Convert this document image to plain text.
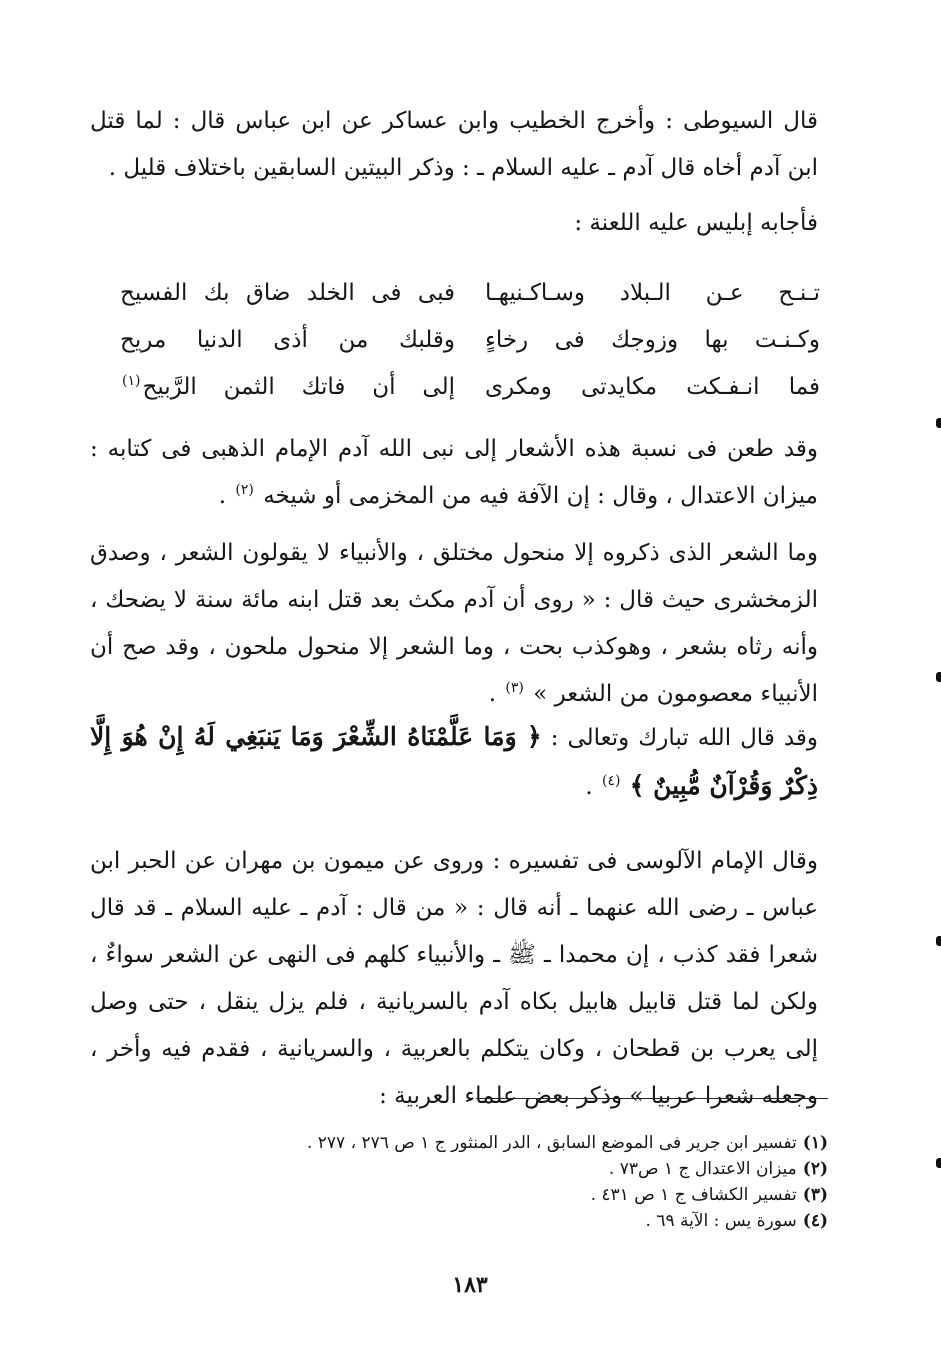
قال السيوطى : وأخرج الخطيب وابن عساكر عن ابن عباس قال : لما قتل ابن آدم أخاه قال آدم ـ عليه السلام ـ : وذكر البيتين السابقين باختلاف قليل .

فأجابه إبليس عليه اللعنة :

تـنـح عـن الـبلاد وسـاكـنيهـا
فبى فى الخلد ضاق بك الفسيح
وكـنـت بها وزوجك فى رخاءٍ
وقلبك من أذى الدنيا مريح
فما انـفـكت مكايدتى ومكرى
إلى أن فاتك الثمن الرَّبيح$^{(١)}$

وقد طعن فى نسبة هذه الأشعار إلى نبى الله آدم الإمام الذهبى فى كتابه : ميزان الاعتدال ، وقال : إن الآفة فيه من المخزمى أو شيخه $^{(٢)}$ .

وما الشعر الذى ذكروه إلا منحول مختلق ، والأنبياء لا يقولون الشعر ، وصدق الزمخشرى حيث قال : « روى أن آدم مكث بعد قتل ابنه مائة سنة لا يضحك ، وأنه رثاه بشعر ، وهوكذب بحت ، وما الشعر إلا منحول ملحون ، وقد صح أن الأنبياء معصومون من الشعر » $^{(٣)}$ .

وقد قال الله تبارك وتعالى : ﴿ وَمَا عَلَّمْنَاهُ الشِّعْرَ وَمَا يَنبَغِي لَهُ إِنْ هُوَ إِلَّا ذِكْرٌ وَقُرْآنٌ مُّبِينٌ ﴾ $^{(٤)}$ .

وقال الإمام الآلوسى فى تفسيره : وروى عن ميمون بن مهران عن الحبر ابن عباس ـ رضى الله عنهما ـ أنه قال : « من قال : آدم ـ عليه السلام ـ قد قال شعرا فقد كذب ، إن محمدا ـ ﷺ ـ والأنبياء كلهم فى النهى عن الشعر سواءٌ ، ولكن لما قتل قابيل هابيل بكاه آدم بالسريانية ، فلم يزل ينقل ، حتى وصل إلى يعرب بن قطحان ، وكان يتكلم بالعربية ، والسريانية ، فقدم فيه وأخر ، وجعله شعرا عربيا » وذكر بعض علماء العربية :

(١)تفسير ابن جرير فى الموضع السابق ، الدر المنثور ج ١ ص ٢٧٦ ، ٢٧٧ .
(٢)ميزان الاعتدال ج ١ ص٧٣ .
(٣)تفسير الكشاف ج ١ ص ٤٣١ .
(٤)سورة يس : الآية ٦٩ .
١٨٣
